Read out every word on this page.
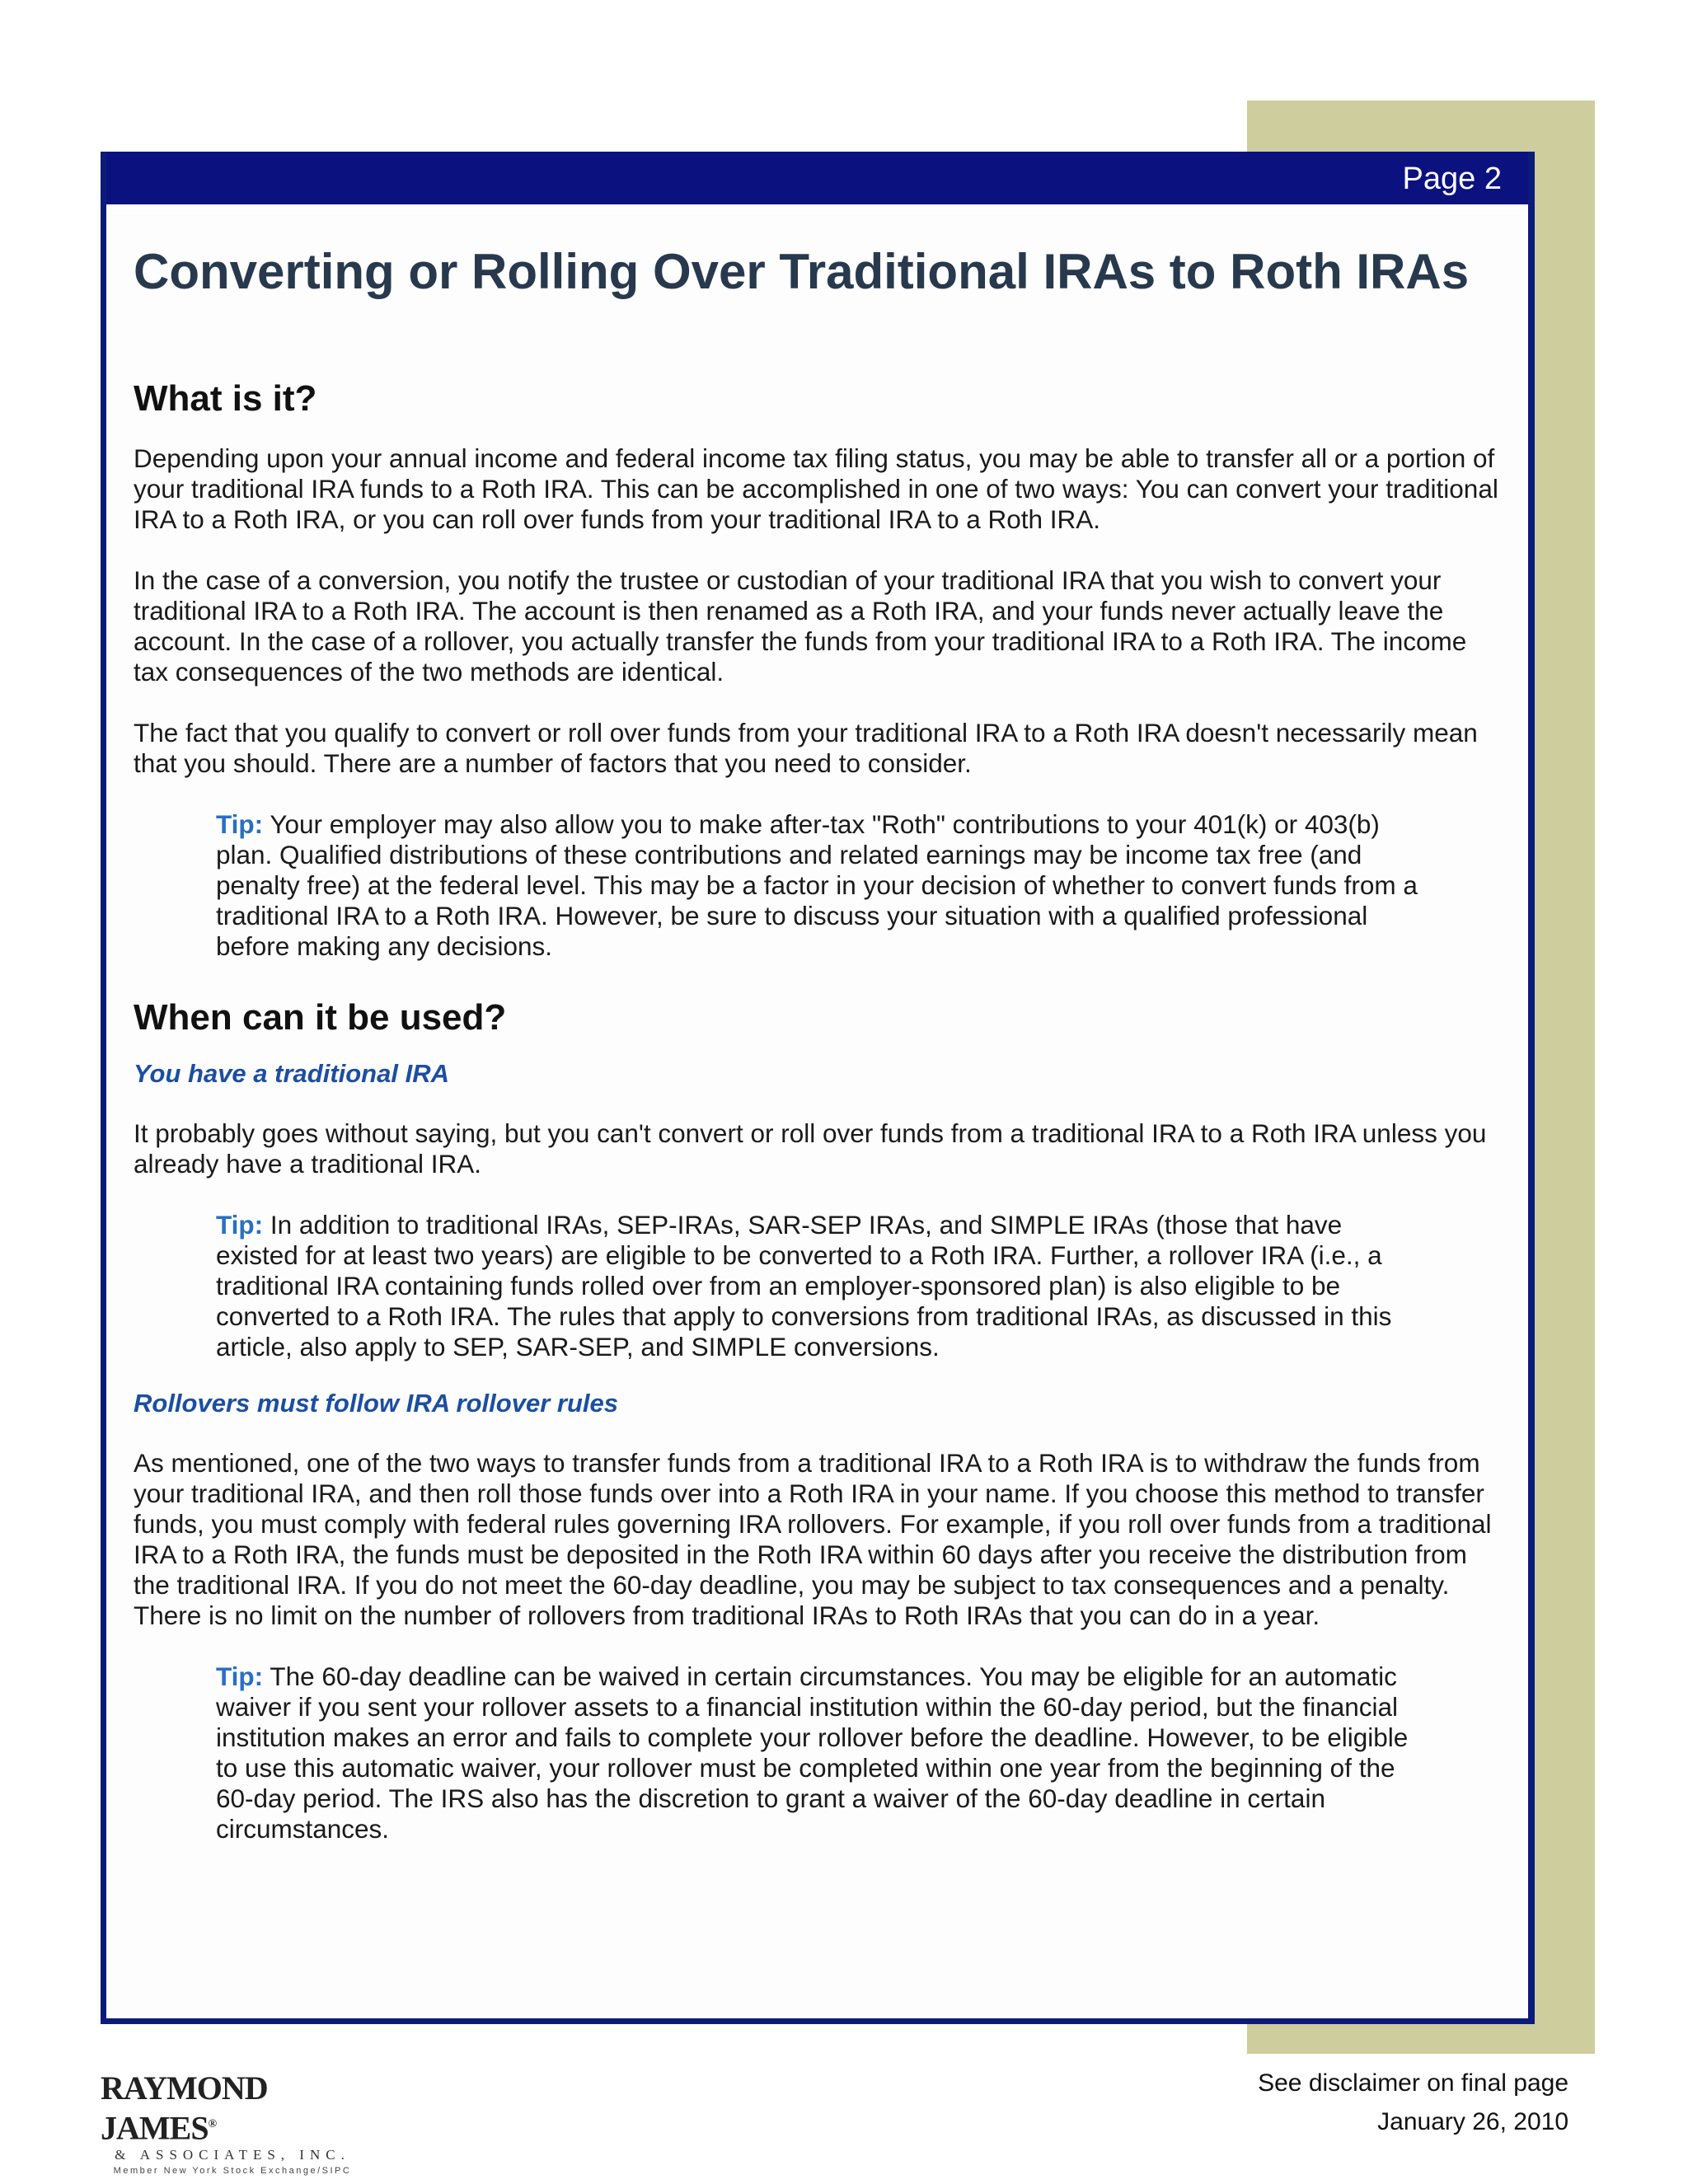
Page 2
Converting or Rolling Over Traditional IRAs to Roth IRAs
What is it?

Depending upon your annual income and federal income tax filing status, you may be able to transfer all or a portion of your traditional IRA funds to a Roth IRA. This can be accomplished in one of two ways: You can convert your traditional IRA to a Roth IRA, or you can roll over funds from your traditional IRA to a Roth IRA.

In the case of a conversion, you notify the trustee or custodian of your traditional IRA that you wish to convert your traditional IRA to a Roth IRA. The account is then renamed as a Roth IRA, and your funds never actually leave the account. In the case of a rollover, you actually transfer the funds from your traditional IRA to a Roth IRA. The income tax consequences of the two methods are identical.

The fact that you qualify to convert or roll over funds from your traditional IRA to a Roth IRA doesn't necessarily mean that you should. There are a number of factors that you need to consider.

Tip: Your employer may also allow you to make after-tax "Roth" contributions to your 401(k) or 403(b) plan. Qualified distributions of these contributions and related earnings may be income tax free (and penalty free) at the federal level. This may be a factor in your decision of whether to convert funds from a traditional IRA to a Roth IRA. However, be sure to discuss your situation with a qualified professional before making any decisions.

When can it be used?
You have a traditional IRA

It probably goes without saying, but you can't convert or roll over funds from a traditional IRA to a Roth IRA unless you already have a traditional IRA.

Tip: In addition to traditional IRAs, SEP-IRAs, SAR-SEP IRAs, and SIMPLE IRAs (those that have existed for at least two years) are eligible to be converted to a Roth IRA. Further, a rollover IRA (i.e., a traditional IRA containing funds rolled over from an employer-sponsored plan) is also eligible to be converted to a Roth IRA. The rules that apply to conversions from traditional IRAs, as discussed in this article, also apply to SEP, SAR-SEP, and SIMPLE conversions.

Rollovers must follow IRA rollover rules

As mentioned, one of the two ways to transfer funds from a traditional IRA to a Roth IRA is to withdraw the funds from your traditional IRA, and then roll those funds over into a Roth IRA in your name. If you choose this method to transfer funds, you must comply with federal rules governing IRA rollovers. For example, if you roll over funds from a traditional IRA to a Roth IRA, the funds must be deposited in the Roth IRA within 60 days after you receive the distribution from the traditional IRA. If you do not meet the 60-day deadline, you may be subject to tax consequences and a penalty. There is no limit on the number of rollovers from traditional IRAs to Roth IRAs that you can do in a year.

Tip: The 60-day deadline can be waived in certain circumstances. You may be eligible for an automatic waiver if you sent your rollover assets to a financial institution within the 60-day period, but the financial institution makes an error and fails to complete your rollover before the deadline. However, to be eligible to use this automatic waiver, your rollover must be completed within one year from the beginning of the 60-day period. The IRS also has the discretion to grant a waiver of the 60-day deadline in certain circumstances.

RAYMOND JAMES®
& ASSOCIATES, INC.
Member New York Stock Exchange/SIPC
See disclaimer on final page
January 26, 2010
